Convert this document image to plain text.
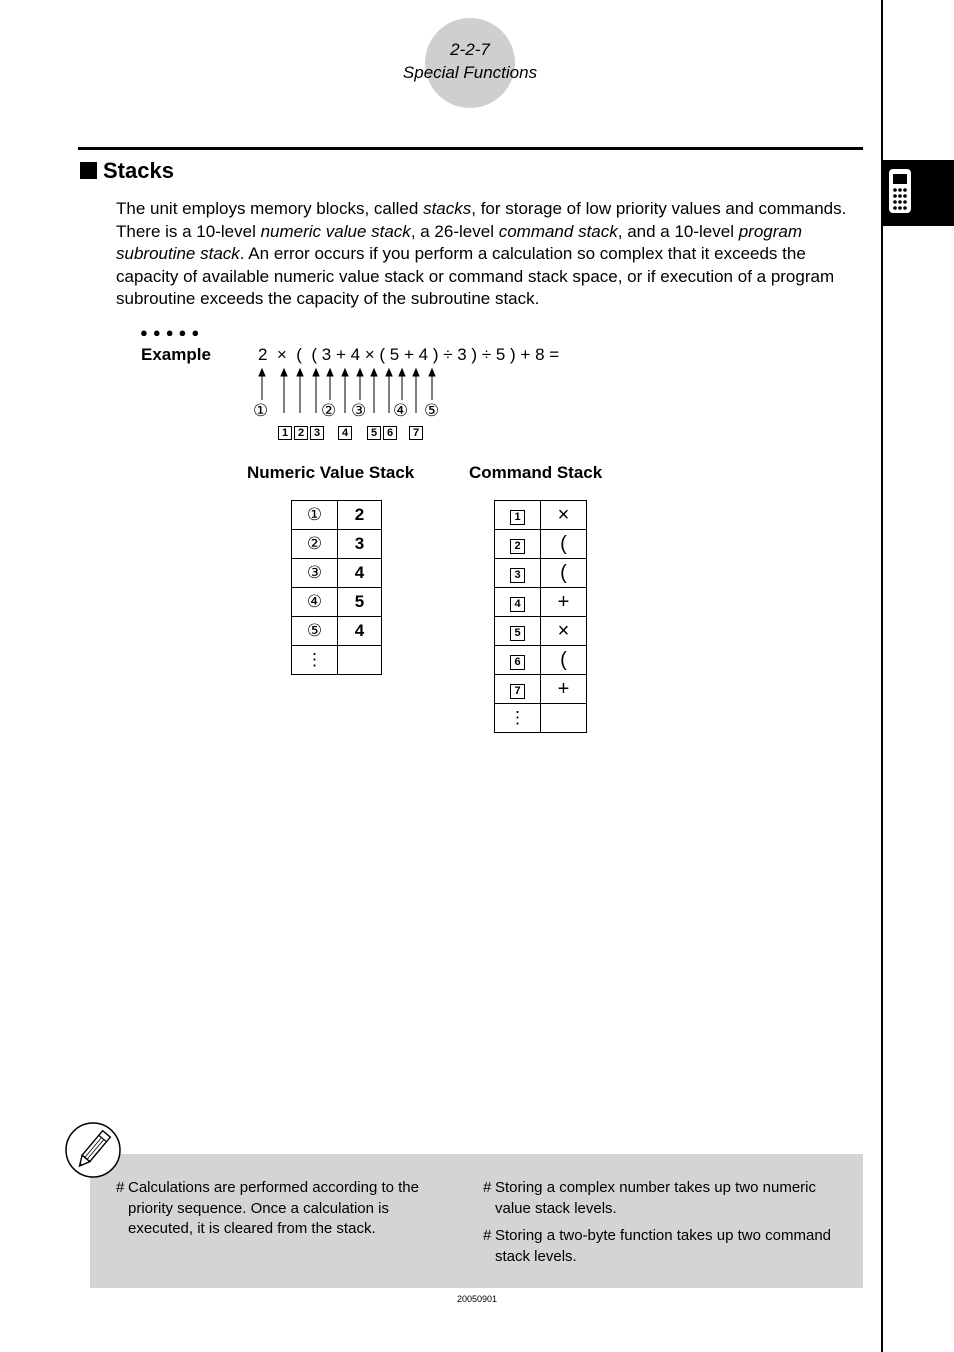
2-2-7
Special Functions
Stacks
The unit employs memory blocks, called stacks, for storage of low priority values and commands. There is a 10-level numeric value stack, a 26-level command stack, and a 10-level program subroutine stack. An error occurs if you perform a calculation so complex that it exceeds the capacity of available numeric value stack or command stack space, or if execution of a program subroutine exceeds the capacity of the subroutine stack.
●●●●●
Example	2  ×  (  ( 3 + 4 × ( 5 + 4 ) ÷ 3 ) ÷ 5 ) + 8 =
①	② ③ ④ ⑤
1 2 3	4	5 6	7
Numeric Value Stack	Command Stack
①	2
②	3
③	4
④	5
⑤	4
⋮	
1	×
2	(
3	(
4	+
5	×
6	(
7	+
⋮	
# Calculations are performed according to the priority sequence. Once a calculation is executed, it is cleared from the stack.
# Storing a complex number takes up two numeric value stack levels.
# Storing a two-byte function takes up two command stack levels.
20050901
